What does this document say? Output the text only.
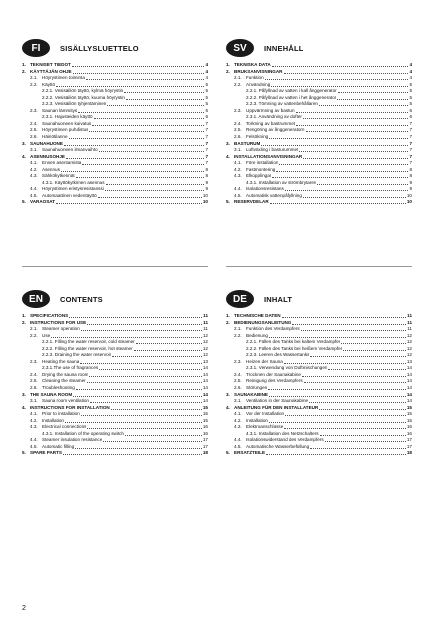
FI	SISÄLLYSLUETTELO
1. TEKNISET TIEDOT	4
2. KÄYTTÄJÄN OHJE	4
2.1. Höyrystimen toiminta	4
2.2. Käyttö	5
2.2.1. Vesisäiliön täyttö, kylmä höyrystin	5
2.2.2. Vesisäiliön täyttö, kuuma höyrystin	5
2.2.3. Vesisäiliön tyhjentäminen	5
2.3. Saunan lämmitys	6
2.3.1. Hajusteiden käyttö	6
2.4. Saunahuoneen kuivatus	7
2.5. Höyrystimen puhdistus	7
2.6. Häiriötilanne	7
3. SAUNAHUONE	7
3.1. Saunahuoneen ilmanvaihto	7
4. ASENNUSOHJE	7
4.1. Ennen asentamista	7
4.2. Asennus	8
4.3. Sähkökytkennät	8
4.3.1. Käyttökytkimen asennus	9
4.4. Höyrystimen eristysresistanssi	9
4.5. Automaattinen vedentäyttö	10
5. VARAOSAT	10
SV	INNEHÅLL
1. TEKNISKA DATA	4
2. BRUKSANVISNINGAR	4
2.1. Funktion	4
2.2. Användning	5
2.2.1. Påfyllnad av vatten i kall ånggenerator	5
2.2.2. Påfyllnad av vatten i het ånggenerator	5
2.2.3. Tömning av vattenbehållaren	5
2.3. Uppvärmning av bastun	6
2.3.1. Användning av dofter	6
2.4. Torkning av bastrummet	7
2.5. Rengöring av ånggeneratorn	7
2.6. Felsökning	7
3. BASTURUM	7
3.1. Luftväxling i basturummet	7
4. INSTALLATIONSANVISNINGAR	7
4.1. Före installation	7
4.2. Fastmontering	8
4.3. Elkopplingar	8
4.3.1. Installation av strömbrytaren	9
4.4. Isolationsresistans	9
4.5. Automatisk vattenpåfyllning	10
5. RESERVDELAR	10
EN	CONTENTS
1. SPECIFICATIONS	11
2. INSTRUCTIONS FOR USE	11
2.1. Steamer operation	11
2.2. Use	12
2.2.1. Filling the water reservoir, cold steamer	12
2.2.2. Filling the water reservoir, hot steamer	12
2.2.3. Draining the water reservoir	12
2.3. Heating the sauna	13
2.3.1.The use of fragrances	14
2.4. Drying the sauna room	14
2.5. Cleaning the steamer	14
2.6. Troubleshooting	14
3. THE SAUNA ROOM	14
3.1. Sauna room ventilation	14
4. INSTRUCTIONS FOR INSTALLATION	15
4.1. Prior to installation	15
4.2. Installation	15
4.3. Electrical connections	16
4.3.1. Installation of the operating switch	16
4.4. Steamer insulation resistance	17
4.5. Automatic filling	17
5. SPARE PARTS	18
DE	INHALT
1. TECHNISCHE DATEN	11
2. BEDIENUNGSANLEITUNG	11
2.1. Funktion des Verdampfers	11
2.2. Bedienung	12
2.2.1. Füllen des Tanks bei kaltem Verdampfer	12
2.2.2. Füllen des Tanks bei heißem Verdampfer	12
2.2.3. Leeren des Wassertanks	12
2.3. Heizen der Sauna	13
2.3.1. Verwendung von Duftmischungen	14
2.4. Trocknen der Saunakabine	14
2.5. Reinigung des Verdampfers	14
2.6. Störungen	14
3. SAUNAKABINE	14
3.1. Ventilation in der Saunakabine	14
4. ANLEITUNG FÜR DEN INSTALLATEUR	15
4.1. Vor der Installation	15
4.2. Installation	15
4.3. Elektroanschlüsse	16
4.3.1. Installation des Netzschalters	16
4.4. Isolationswiderstand des Verdampfers	17
4.5. Automatische Wasserbefüllung	17
5. ERSATZTEILE	18
2
